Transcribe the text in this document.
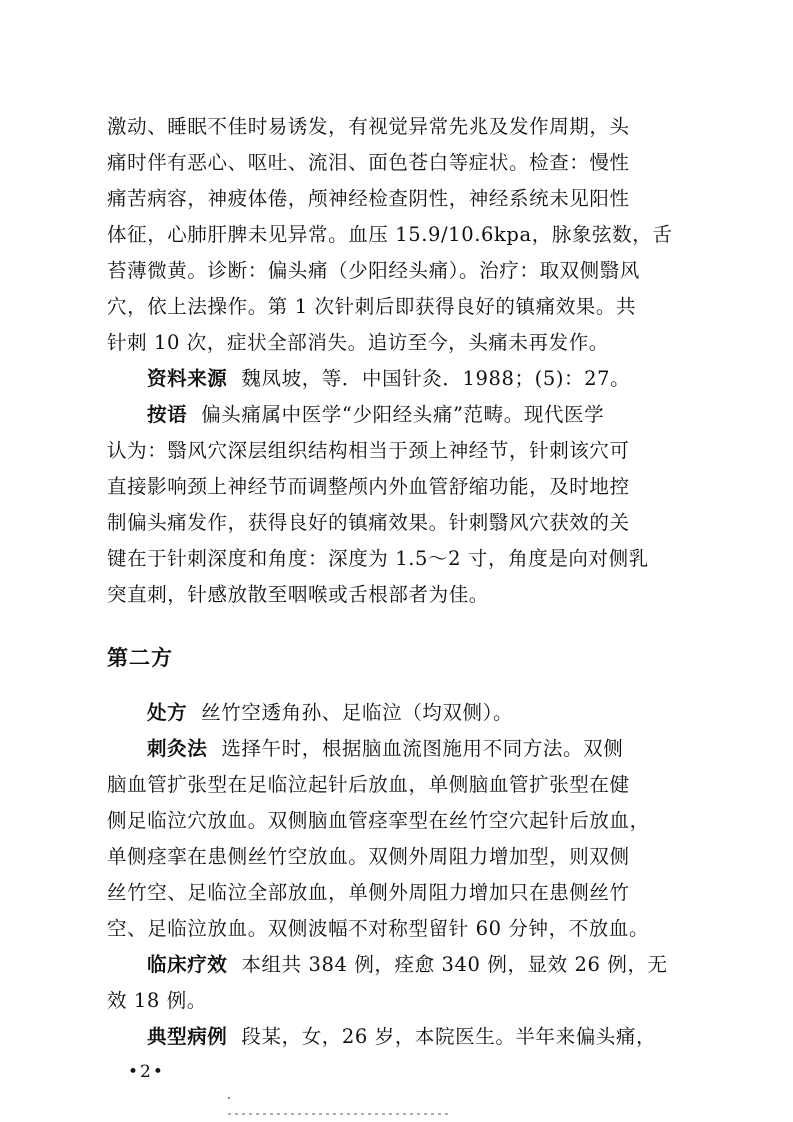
激动、睡眠不佳时易诱发，有视觉异常先兆及发作周期，头
痛时伴有恶心、呕吐、流泪、面色苍白等症状。检查：慢性
痛苦病容，神疲体倦，颅神经检查阴性，神经系统未见阳性
体征，心肺肝脾未见异常。血压 15.9/10.6kpa，脉象弦数，舌
苔薄微黄。诊断：偏头痛（少阳经头痛）。治疗：取双侧翳风
穴，依上法操作。第 1 次针刺后即获得良好的镇痛效果。共
针刺 10 次，症状全部消失。追访至今，头痛未再发作。
资料来源 魏凤坡，等．中国针灸．1988；(5)：27。
按语 偏头痛属中医学“少阳经头痛”范畴。现代医学
认为：翳风穴深层组织结构相当于颈上神经节，针刺该穴可
直接影响颈上神经节而调整颅内外血管舒缩功能，及时地控
制偏头痛发作，获得良好的镇痛效果。针刺翳风穴获效的关
键在于针刺深度和角度：深度为 1.5～2 寸，角度是向对侧乳
突直刺，针感放散至咽喉或舌根部者为佳。
第二方
处方 丝竹空透角孙、足临泣（均双侧）。
刺灸法 选择午时，根据脑血流图施用不同方法。双侧
脑血管扩张型在足临泣起针后放血，单侧脑血管扩张型在健
侧足临泣穴放血。双侧脑血管痉挛型在丝竹空穴起针后放血，
单侧痉挛在患侧丝竹空放血。双侧外周阻力增加型，则双侧
丝竹空、足临泣全部放血，单侧外周阻力增加只在患侧丝竹
空、足临泣放血。双侧波幅不对称型留针 60 分钟，不放血。
临床疗效 本组共 384 例，痊愈 340 例，显效 26 例，无
效 18 例。
典型病例 段某，女，26 岁，本院医生。半年来偏头痛，
•2•
